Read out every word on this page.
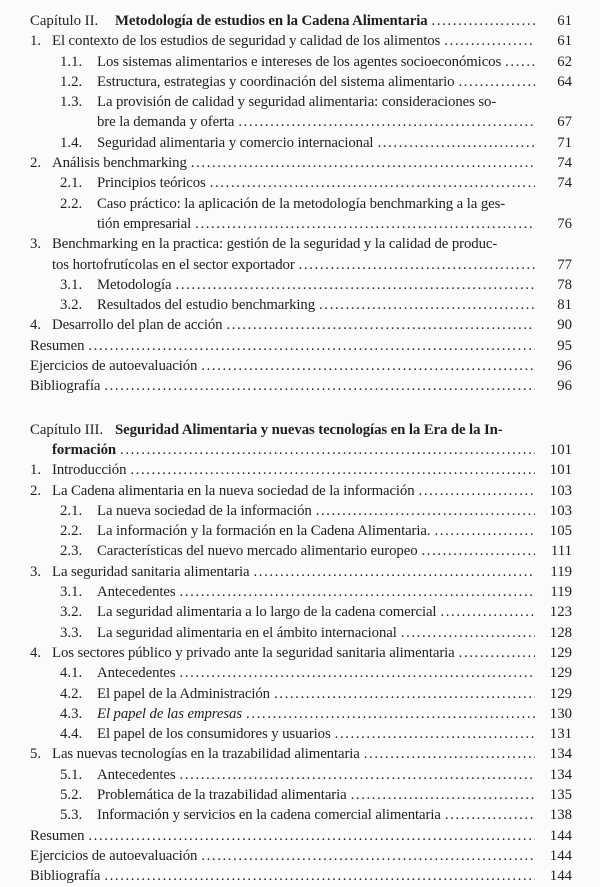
Capítulo II.	Metodología de estudios en la Cadena Alimentaria .....	61
1. El contexto de los estudios de seguridad y calidad de los alimentos .....	61
1.1. Los sistemas alimentarios e intereses de los agentes socioeconómicos .....	62
1.2. Estructura, estrategias y coordinación del sistema alimentario .....	64
1.3. La provisión de calidad y seguridad alimentaria: consideraciones so-
bre la demanda y oferta .....	67
1.4. Seguridad alimentaria y comercio internacional .....	71
2. Análisis benchmarking .....	74
2.1. Principios teóricos .....	74
2.2. Caso práctico: la aplicación de la metodología benchmarking a la ges-
tión empresarial .....	76
3. Benchmarking en la practica: gestión de la seguridad y la calidad de produc-
tos hortofrutícolas en el sector exportador .....	77
3.1. Metodología .....	78
3.2. Resultados del estudio benchmarking .....	81
4. Desarrollo del plan de acción .....	90
Resumen .....	95
Ejercicios de autoevaluación .....	96
Bibliografía .....	96
Capítulo III. Seguridad Alimentaria y nuevas tecnologías en la Era de la In-
formación .....	101
1. Introducción .....	101
2. La Cadena alimentaria en la nueva sociedad de la información .....	103
2.1. La nueva sociedad de la información .....	103
2.2. La información y la formación en la Cadena Alimentaria. .....	105
2.3. Características del nuevo mercado alimentario europeo .....	111
3. La seguridad sanitaria alimentaria .....	119
3.1. Antecedentes .....	119
3.2. La seguridad alimentaria a lo largo de la cadena comercial .....	123
3.3. La seguridad alimentaria en el ámbito internacional .....	128
4. Los sectores público y privado ante la seguridad sanitaria alimentaria .....	129
4.1. Antecedentes .....	129
4.2. El papel de la Administración .....	129
4.3. El papel de las empresas .....	130
4.4. El papel de los consumidores y usuarios .....	131
5. Las nuevas tecnologías en la trazabilidad alimentaria .....	134
5.1. Antecedentes .....	134
5.2. Problemática de la trazabilidad alimentaria .....	135
5.3. Información y servicios en la cadena comercial alimentaria .....	138
Resumen .....	144
Ejercicios de autoevaluación .....	144
Bibliografía .....	144
